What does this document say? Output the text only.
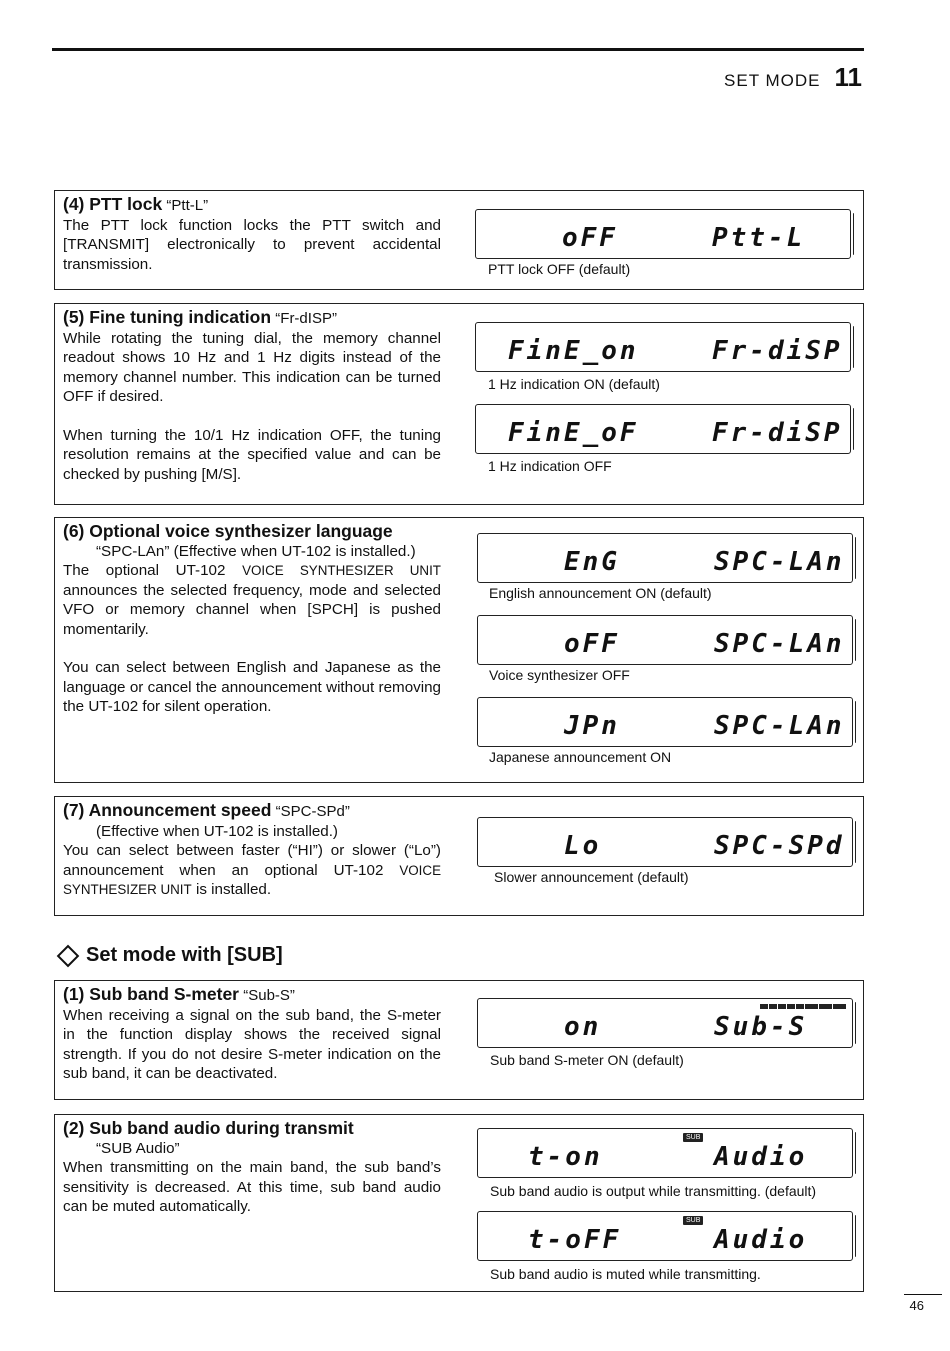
SET MODE 11
(4) PTT lock “Ptt-L”

The PTT lock function locks the PTT switch and [TRANSMIT] electronically to prevent accidental transmission.

oFF	Ptt-L
PTT lock OFF (default)
(5) Fine tuning indication “Fr-dISP”

While rotating the tuning dial, the memory channel readout shows 10 Hz and 1 Hz digits instead of the memory channel number. This indication can be turned OFF if desired.

When turning the 10/1 Hz indication OFF, the tuning resolution remains at the specified value and can be checked by pushing [M/S].

FinE_on	Fr-diSP
1 Hz indication ON (default)
FinE_oF	Fr-diSP
1 Hz indication OFF
(6) Optional voice synthesizer language
“SPC-LAn” (Effective when UT-102 is installed.)

The optional UT-102 VOICE SYNTHESIZER UNIT announces the selected frequency, mode and selected VFO or memory channel when [SPCH] is pushed momentarily.

You can select between English and Japanese as the language or cancel the announcement without removing the UT-102 for silent operation.

EnG	SPC-LAn
English announcement ON (default)
oFF	SPC-LAn
Voice synthesizer OFF
JPn	SPC-LAn
Japanese announcement ON
(7) Announcement speed “SPC-SPd”
(Effective when UT-102 is installed.)

You can select between faster (“HI”) or slower (“Lo”) announcement when an optional UT-102 VOICE SYNTHESIZER UNIT is installed.

Lo	SPC-SPd
Slower announcement (default)
Set mode with [SUB]
(1) Sub band S-meter “Sub-S”

When receiving a signal on the sub band, the S-meter in the function display shows the received signal strength. If you do not desire S-meter indication on the sub band, it can be deactivated.

on	Sub-S
Sub band S-meter ON (default)
(2) Sub band audio during transmit
“SUB Audio”

When transmitting on the main band, the sub band’s sensitivity is decreased. At this time, sub band audio can be muted automatically.

SUB
t-on	Audio
Sub band audio is output while transmitting. (default)
SUB
t-oFF	Audio
Sub band audio is muted while transmitting.
46
